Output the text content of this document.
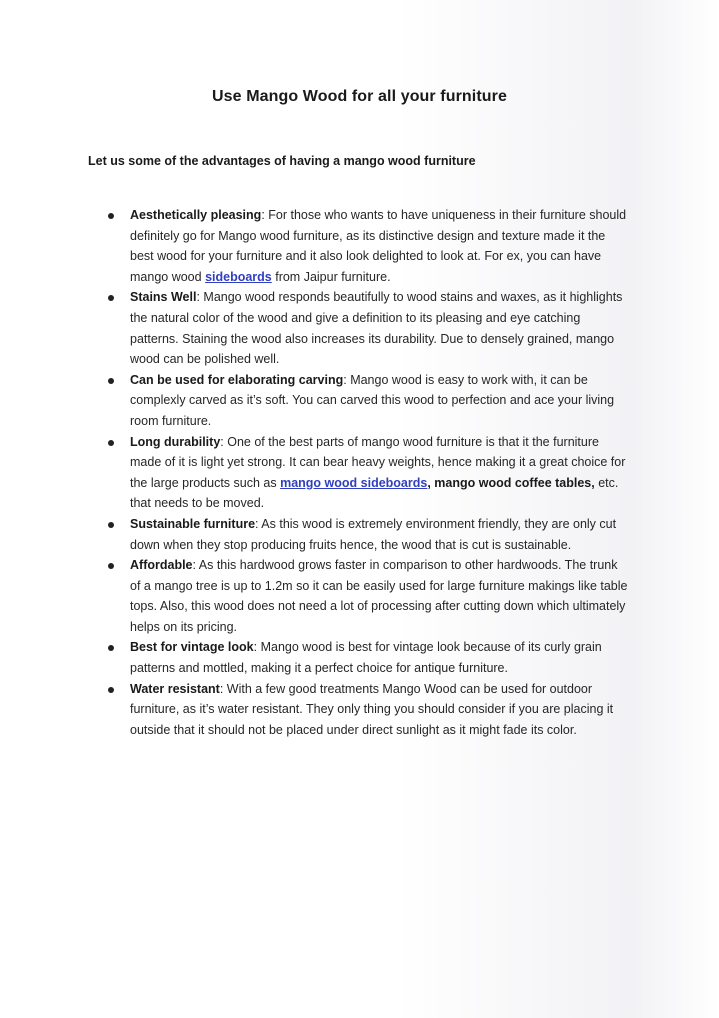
Use Mango Wood for all your furniture

Let us some of the advantages of having a mango wood furniture

Aesthetically pleasing: For those who wants to have uniqueness in their furniture should definitely go for Mango wood furniture, as its distinctive design and texture made it the best wood for your furniture and it also look delighted to look at. For ex, you can have mango wood sideboards from Jaipur furniture.
Stains Well: Mango wood responds beautifully to wood stains and waxes, as it highlights the natural color of the wood and give a definition to its pleasing and eye catching patterns. Staining the wood also increases its durability. Due to densely grained, mango wood can be polished well.
Can be used for elaborating carving: Mango wood is easy to work with, it can be complexly carved as it’s soft. You can carved this wood to perfection and ace your living room furniture.
Long durability: One of the best parts of mango wood furniture is that it the furniture made of it is light yet strong. It can bear heavy weights, hence making it a great choice for the large products such as mango wood sideboards, mango wood coffee tables, etc. that needs to be moved.
Sustainable furniture: As this wood is extremely environment friendly, they are only cut down when they stop producing fruits hence, the wood that is cut is sustainable.
Affordable: As this hardwood grows faster in comparison to other hardwoods. The trunk of a mango tree is up to 1.2m so it can be easily used for large furniture makings like table tops. Also, this wood does not need a lot of processing after cutting down which ultimately helps on its pricing.
Best for vintage look: Mango wood is best for vintage look because of its curly grain patterns and mottled, making it a perfect choice for antique furniture.
Water resistant: With a few good treatments Mango Wood can be used for outdoor furniture, as it’s water resistant. They only thing you should consider if you are placing it outside that it should not be placed under direct sunlight as it might fade its color.
